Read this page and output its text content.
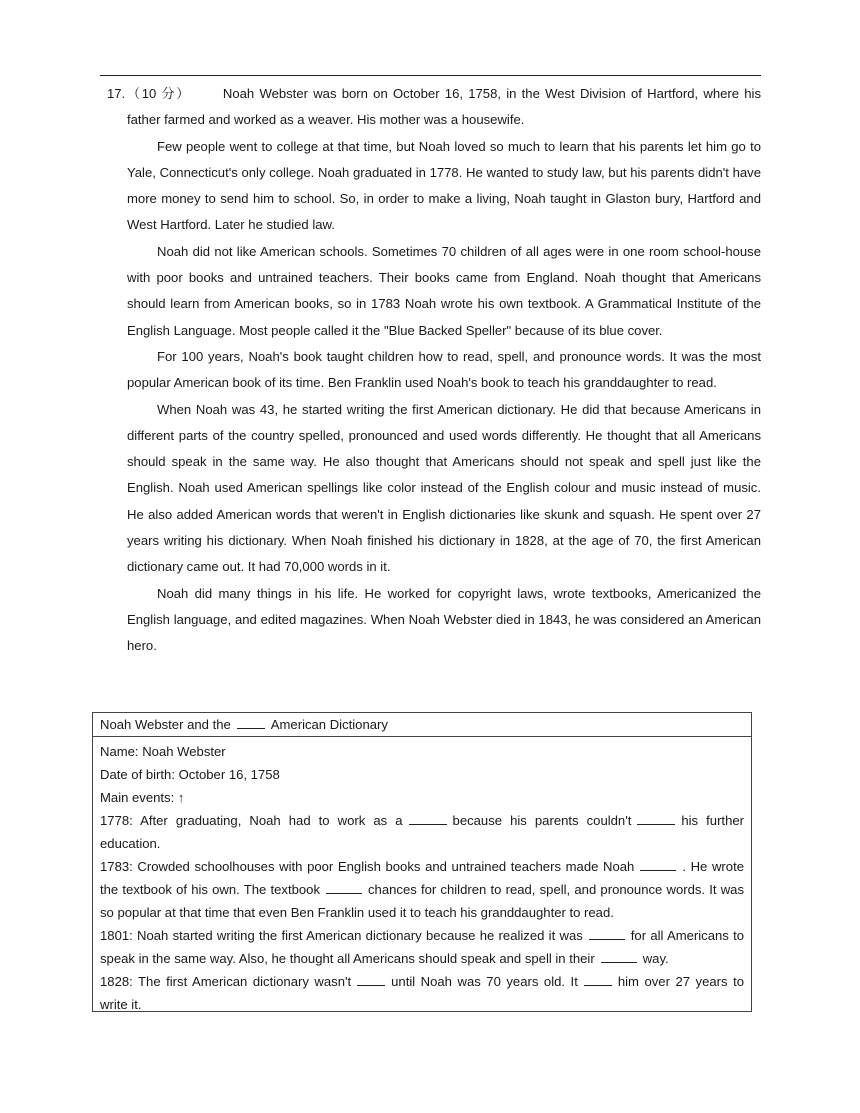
17. （10 分） Noah Webster was born on October 16, 1758, in the West Division of Hartford, where his father farmed and worked as a weaver. His mother was a housewife.

Few people went to college at that time, but Noah loved so much to learn that his parents let him go to Yale, Connecticut's only college. Noah graduated in 1778. He wanted to study law, but his parents didn't have more money to send him to school. So, in order to make a living, Noah taught in Glaston bury, Hartford and West Hartford. Later he studied law.

Noah did not like American schools. Sometimes 70 children of all ages were in one room school-house with poor books and untrained teachers. Their books came from England. Noah thought that Americans should learn from American books, so in 1783 Noah wrote his own textbook. A Grammatical Institute of the English Language. Most people called it the "Blue Backed Speller" because of its blue cover.

For 100 years, Noah's book taught children how to read, spell, and pronounce words. It was the most popular American book of its time. Ben Franklin used Noah's book to teach his granddaughter to read.

When Noah was 43, he started writing the first American dictionary. He did that because Americans in different parts of the country spelled, pronounced and used words differently. He thought that all Americans should speak in the same way. He also thought that Americans should not speak and spell just like the English. Noah used American spellings like color instead of the English colour and music instead of music. He also added American words that weren't in English dictionaries like skunk and squash. He spent over 27 years writing his dictionary. When Noah finished his dictionary in 1828, at the age of 70, the first American dictionary came out. It had 70,000 words in it.

Noah did many things in his life. He worked for copyright laws, wrote textbooks, Americanized the English language, and edited magazines. When Noah Webster died in 1843, he was considered an American hero.

Noah Webster and the	American Dictionary
Name: Noah Webster
Date of birth: October 16, 1758
Main events: ↑
1778: After graduating, Noah had to work as a	because his parents couldn't	his further education.
1783: Crowded schoolhouses with poor English books and untrained teachers made Noah	. He wrote the textbook of his own. The textbook	chances for children to read, spell, and pronounce words. It was so popular at that time that even Ben Franklin used it to teach his granddaughter to read.
1801: Noah started writing the first American dictionary because he realized it was	for all Americans to speak in the same way. Also, he thought all Americans should speak and spell in their	way.
1828: The first American dictionary wasn't	until Noah was 70 years old. It	him over 27 years to write it.
